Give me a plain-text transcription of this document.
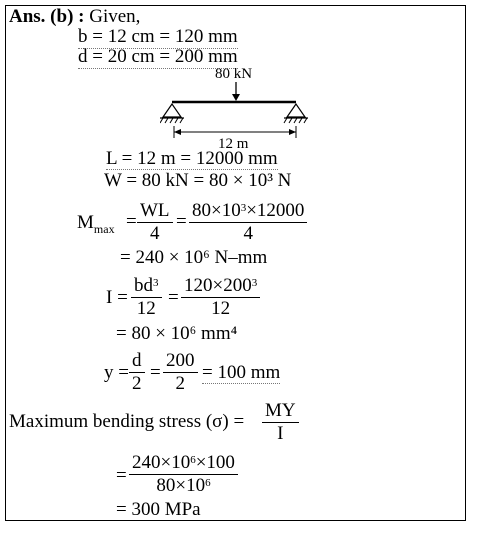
Ans. (b) : Given,
b = 12 cm = 120 mm
d = 20 cm = 200 mm
80 kN
12 m
L = 12 m = 12000 mm
W = 80 kN = 80 × 10³ N
$M_{max} = \frac{WL}{4} = \frac{80\times 10^3\times 12000}{4}$
= 240 × 10⁶ N–mm
$I = \frac{bd^3}{12} = \frac{120\times 200^3}{12}$
= 80 × 10⁶ mm⁴
$y = \frac{d}{2} = \frac{200}{2} = 100$ mm
Maximum bending stress $(\sigma) = \frac{MY}{I}$
= $\frac{240\times 10^6\times 100}{80\times 10^6}$
= 300 MPa
